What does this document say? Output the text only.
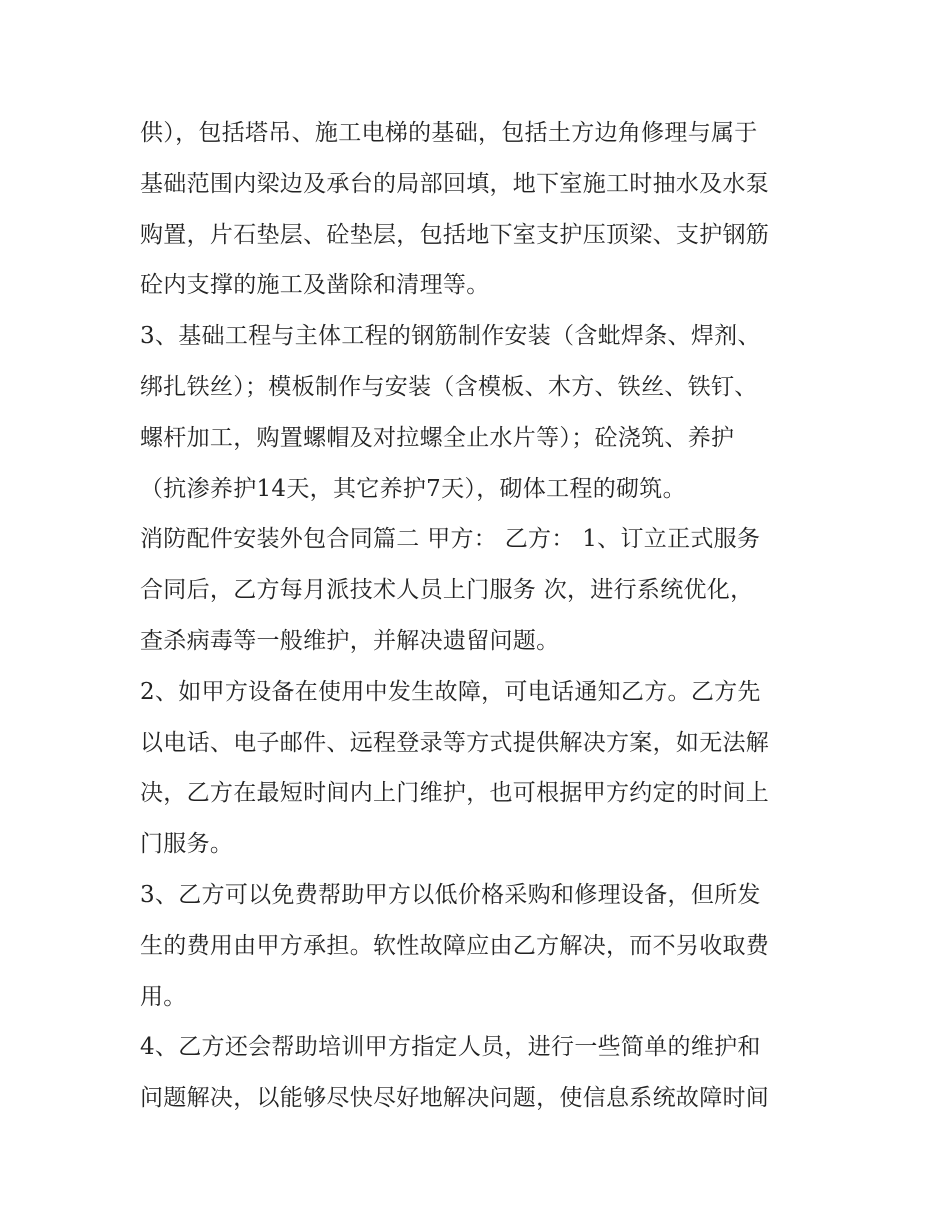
供），包括塔吊、施工电梯的基础，包括土方边角修理与属于
基础范围内梁边及承台的局部回填，地下室施工时抽水及水泵
购置，片石垫层、砼垫层，包括地下室支护压顶梁、支护钢筋
砼内支撑的施工及凿除和清理等。

3、基础工程与主体工程的钢筋制作安装（含蚍焊条、焊剂、
绑扎铁丝）；模板制作与安装（含模板、木方、铁丝、铁钉、
螺杆加工，购置螺帽及对拉螺全止水片等）；砼浇筑、养护
（抗渗养护14天，其它养护7天），砌体工程的砌筑。

消防配件安装外包合同篇二 甲方： 乙方： 1、订立正式服务
合同后，乙方每月派技术人员上门服务 次，进行系统优化，
查杀病毒等一般维护，并解决遗留问题。

2、如甲方设备在使用中发生故障，可电话通知乙方。乙方先
以电话、电子邮件、远程登录等方式提供解决方案，如无法解
决，乙方在最短时间内上门维护，也可根据甲方约定的时间上
门服务。

3、乙方可以免费帮助甲方以低价格采购和修理设备，但所发
生的费用由甲方承担。软性故障应由乙方解决，而不另收取费
用。

4、乙方还会帮助培训甲方指定人员，进行一些简单的维护和
问题解决，以能够尽快尽好地解决问题，使信息系统故障时间
